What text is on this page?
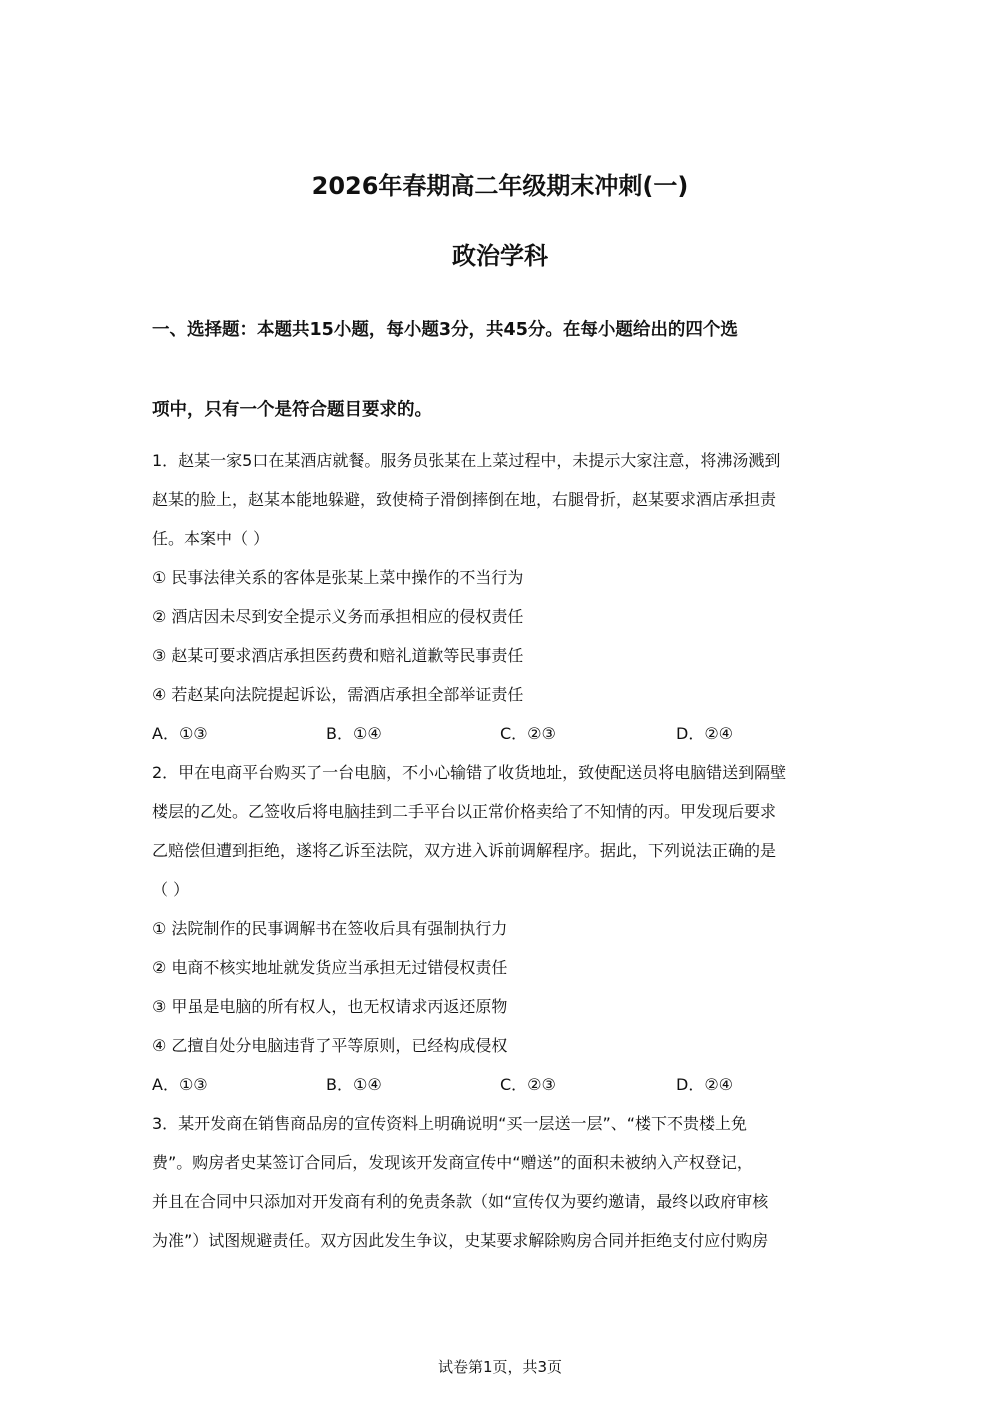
2026年春期高二年级期末冲刺(一)
政治学科

一、选择题：本题共15小题，每小题3分，共45分。在每小题给出的四个选

项中，只有一个是符合题目要求的。

1．赵某一家5口在某酒店就餐。服务员张某在上菜过程中，未提示大家注意，将沸汤溅到

赵某的脸上，赵某本能地躲避，致使椅子滑倒摔倒在地，右腿骨折，赵某要求酒店承担责

任。本案中（ ）

① 民事法律关系的客体是张某上菜中操作的不当行为

② 酒店因未尽到安全提示义务而承担相应的侵权责任

③ 赵某可要求酒店承担医药费和赔礼道歉等民事责任

④ 若赵某向法院提起诉讼，需酒店承担全部举证责任

A．①③	B．①④	C．②③	D．②④

2．甲在电商平台购买了一台电脑，不小心输错了收货地址，致使配送员将电脑错送到隔壁

楼层的乙处。乙签收后将电脑挂到二手平台以正常价格卖给了不知情的丙。甲发现后要求

乙赔偿但遭到拒绝，遂将乙诉至法院，双方进入诉前调解程序。据此，下列说法正确的是

（ ）

① 法院制作的民事调解书在签收后具有强制执行力

② 电商不核实地址就发货应当承担无过错侵权责任

③ 甲虽是电脑的所有权人，也无权请求丙返还原物

④ 乙擅自处分电脑违背了平等原则，已经构成侵权

A．①③	B．①④	C．②③	D．②④

3．某开发商在销售商品房的宣传资料上明确说明“买一层送一层”、“楼下不贵楼上免

费”。购房者史某签订合同后，发现该开发商宣传中“赠送”的面积未被纳入产权登记，

并且在合同中只添加对开发商有利的免责条款（如“宣传仅为要约邀请，最终以政府审核

为准”）试图规避责任。双方因此发生争议，史某要求解除购房合同并拒绝支付应付购房

试卷第1页，共3页
